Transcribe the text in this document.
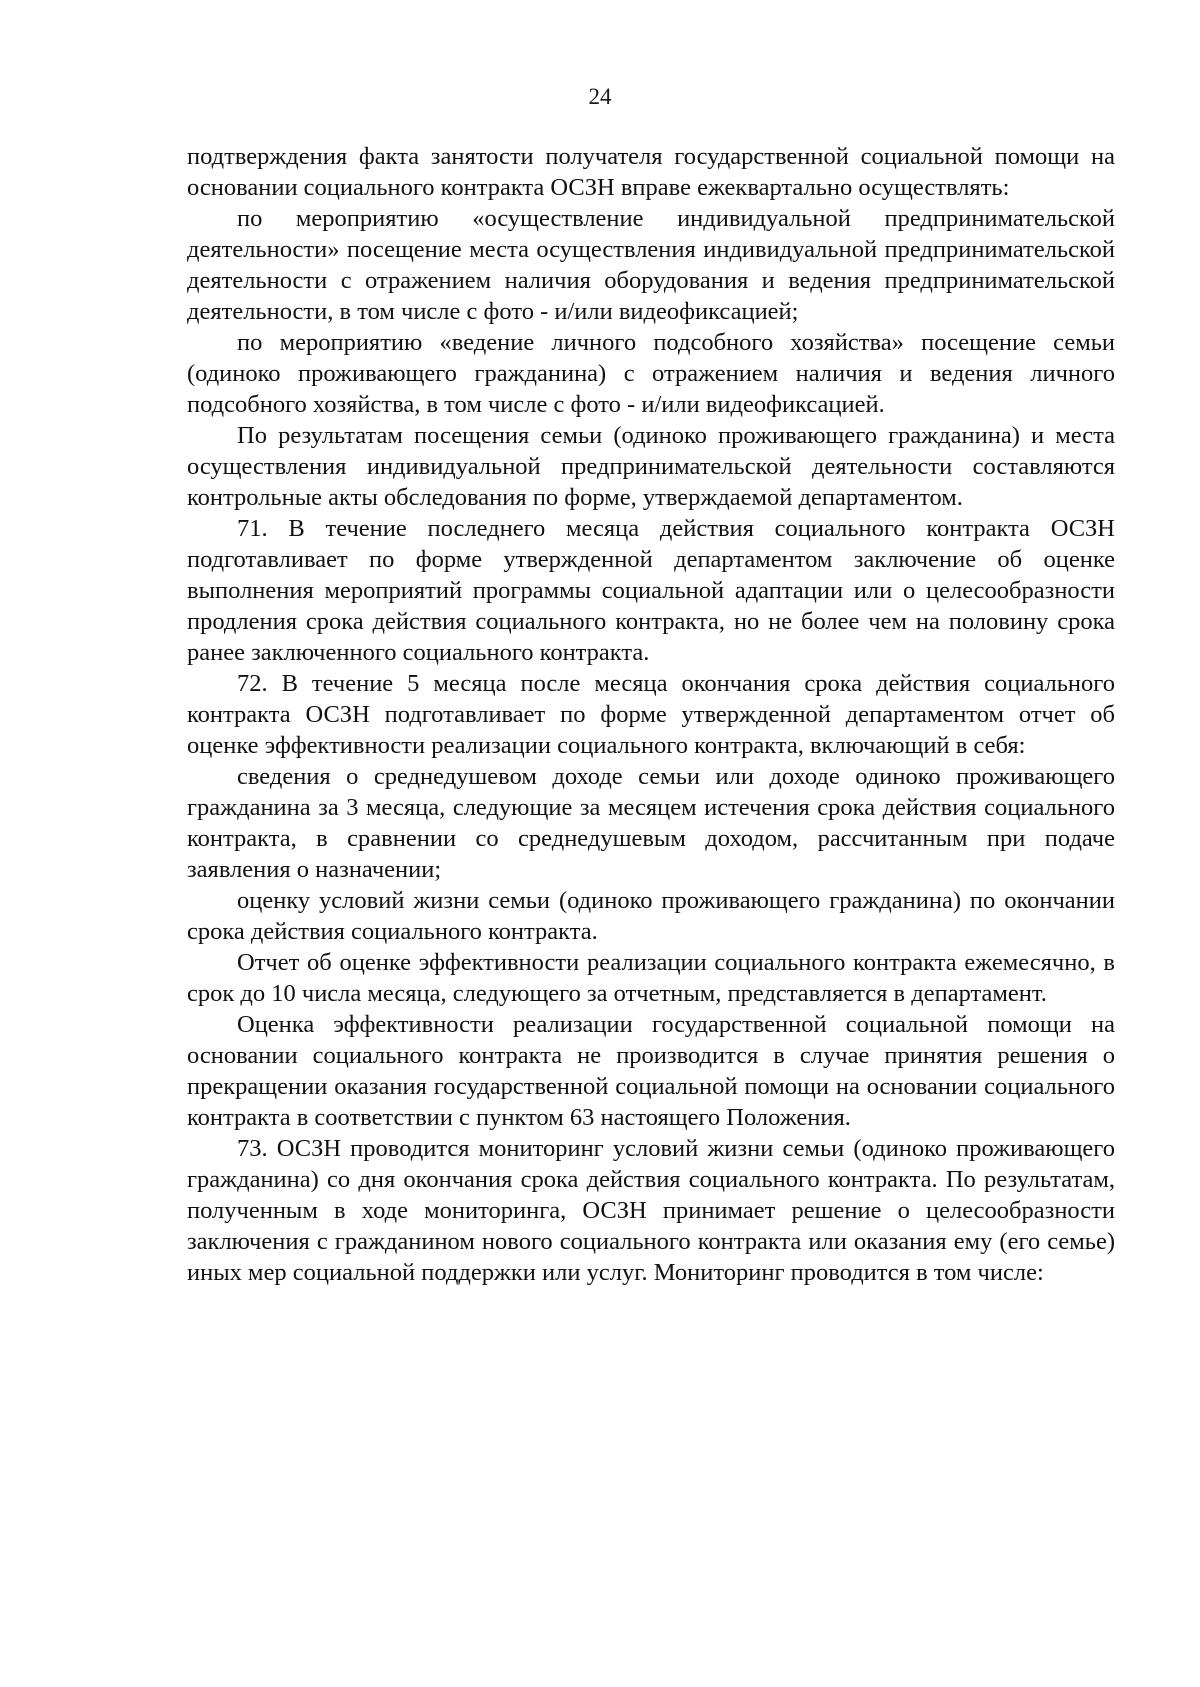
24

подтверждения факта занятости получателя государственной социальной помощи на основании социального контракта ОСЗН вправе ежеквартально осуществлять:

по мероприятию «осуществление индивидуальной предпринимательской деятельности» посещение места осуществления индивидуальной предпринимательской деятельности с отражением наличия оборудования и ведения предпринимательской деятельности, в том числе с фото - и/или видеофиксацией;

по мероприятию «ведение личного подсобного хозяйства» посещение семьи (одиноко проживающего гражданина) с отражением наличия и ведения личного подсобного хозяйства, в том числе с фото - и/или видеофиксацией.

По результатам посещения семьи (одиноко проживающего гражданина) и места осуществления индивидуальной предпринимательской деятельности составляются контрольные акты обследования по форме, утверждаемой департаментом.

71. В течение последнего месяца действия социального контракта ОСЗН подготавливает по форме утвержденной департаментом заключение об оценке выполнения мероприятий программы социальной адаптации или о целесообразности продления срока действия социального контракта, но не более чем на половину срока ранее заключенного социального контракта.

72. В течение 5 месяца после месяца окончания срока действия социального контракта ОСЗН подготавливает по форме утвержденной департаментом отчет об оценке эффективности реализации социального контракта, включающий в себя:

сведения о среднедушевом доходе семьи или доходе одиноко проживающего гражданина за 3 месяца, следующие за месяцем истечения срока действия социального контракта, в сравнении со среднедушевым доходом, рассчитанным при подаче заявления о назначении;

оценку условий жизни семьи (одиноко проживающего гражданина) по окончании срока действия социального контракта.

Отчет об оценке эффективности реализации социального контракта ежемесячно, в срок до 10 числа месяца, следующего за отчетным, представляется в департамент.

Оценка эффективности реализации государственной социальной помощи на основании социального контракта не производится в случае принятия решения о прекращении оказания государственной социальной помощи на основании социального контракта в соответствии с пунктом 63 настоящего Положения.

73. ОСЗН проводится мониторинг условий жизни семьи (одиноко проживающего гражданина) со дня окончания срока действия социального контракта. По результатам, полученным в ходе мониторинга, ОСЗН принимает решение о целесообразности заключения с гражданином нового социального контракта или оказания ему (его семье) иных мер социальной поддержки или услуг. Мониторинг проводится в том числе:
